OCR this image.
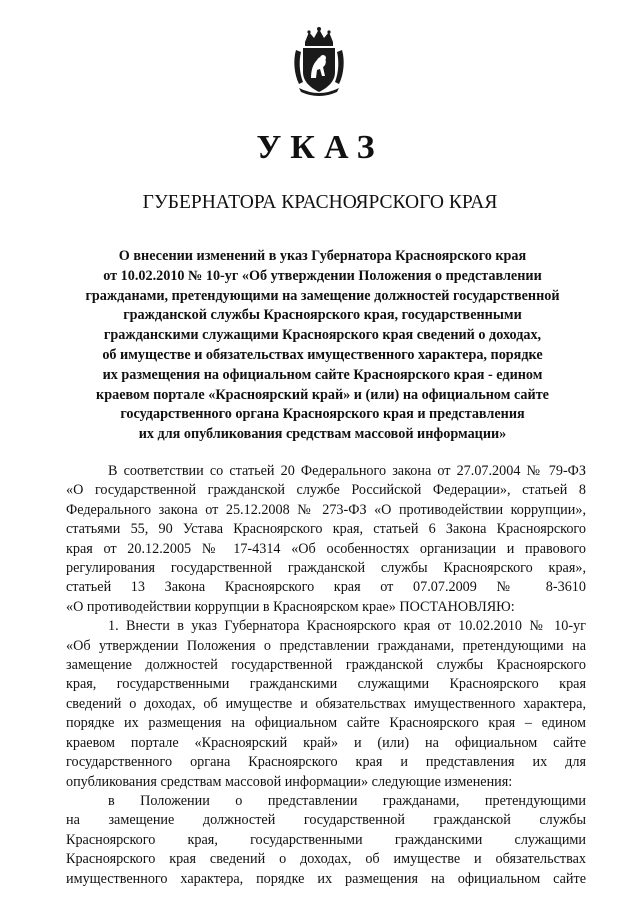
УКАЗ
ГУБЕРНАТОРА КРАСНОЯРСКОГО КРАЯ
О внесении изменений в указ Губернатора Красноярского края
от 10.02.2010 № 10-уг «Об утверждении Положения о представлении
гражданами, претендующими на замещение должностей государственной
гражданской службы Красноярского края, государственными
гражданскими служащими Красноярского края сведений о доходах,
об имуществе и обязательствах имущественного характера, порядке
их размещения на официальном сайте Красноярского края - едином
краевом портале «Красноярский край» и (или) на официальном сайте
государственного органа Красноярского края и представления
их для опубликования средствам массовой информации»
В соответствии со статьей 20 Федерального закона от 27.07.2004 № 79-ФЗ
«О государственной гражданской службе Российской Федерации», статьей 8
Федерального закона от 25.12.2008 № 273-ФЗ «О противодействии коррупции»,
статьями 55, 90 Устава Красноярского края, статьей 6 Закона Красноярского
края от 20.12.2005 № 17-4314 «Об особенностях организации и правового
регулирования государственной гражданской службы Красноярского края»,
статьей 13 Закона Красноярского края от 07.07.2009 № 8-3610
«О противодействии коррупции в Красноярском крае» ПОСТАНОВЛЯЮ:
1. Внести в указ Губернатора Красноярского края от 10.02.2010 № 10-уг
«Об утверждении Положения о представлении гражданами, претендующими на
замещение должностей государственной гражданской службы Красноярского
края, государственными гражданскими служащими Красноярского края
сведений о доходах, об имуществе и обязательствах имущественного характера,
порядке их размещения на официальном сайте Красноярского края – едином
краевом портале «Красноярский край» и (или) на официальном сайте
государственного органа Красноярского края и представления их для
опубликования средствам массовой информации» следующие изменения:
в Положении о представлении гражданами, претендующими
на замещение должностей государственной гражданской службы
Красноярского края, государственными гражданскими служащими
Красноярского края сведений о доходах, об имуществе и обязательствах
имущественного характера, порядке их размещения на официальном сайте
